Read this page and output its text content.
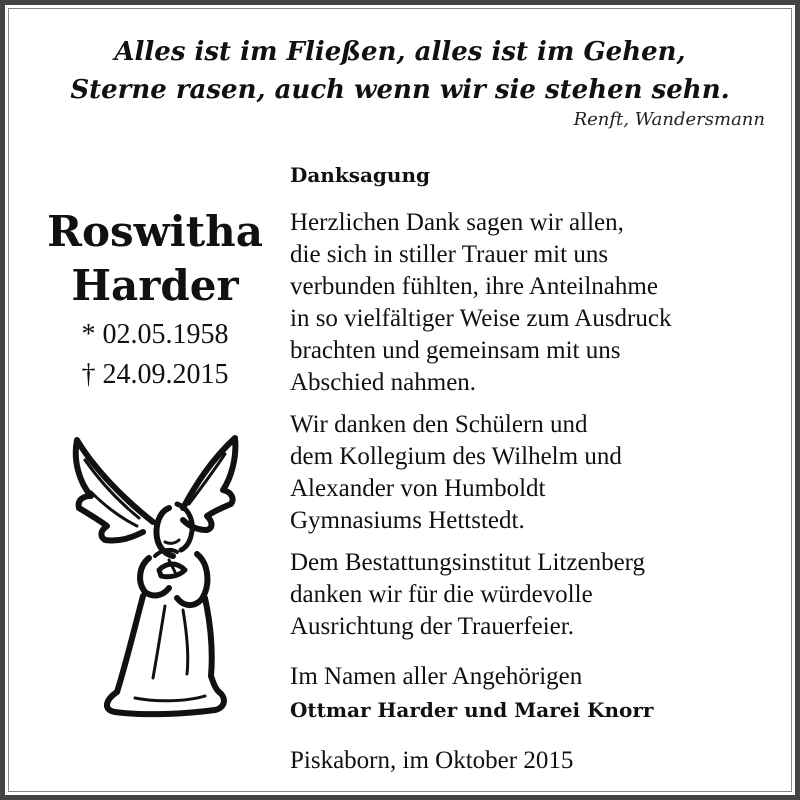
Alles ist im Fließen, alles ist im Gehen,
Sterne rasen, auch wenn wir sie stehen sehn.
Renft, Wandersmann
Roswitha
Harder
* 02.05.1958
† 24.09.2015
Danksagung
Herzlichen Dank sagen wir allen,
die sich in stiller Trauer mit uns
verbunden fühlten, ihre Anteilnahme
in so vielfältiger Weise zum Ausdruck
brachten und gemeinsam mit uns
Abschied nahmen.
Wir danken den Schülern und
dem Kollegium des Wilhelm und
Alexander von Humboldt
Gymnasiums Hettstedt.
Dem Bestattungsinstitut Litzenberg
danken wir für die würdevolle
Ausrichtung der Trauerfeier.
Im Namen aller Angehörigen
Ottmar Harder und Marei Knorr
Piskaborn, im Oktober 2015
